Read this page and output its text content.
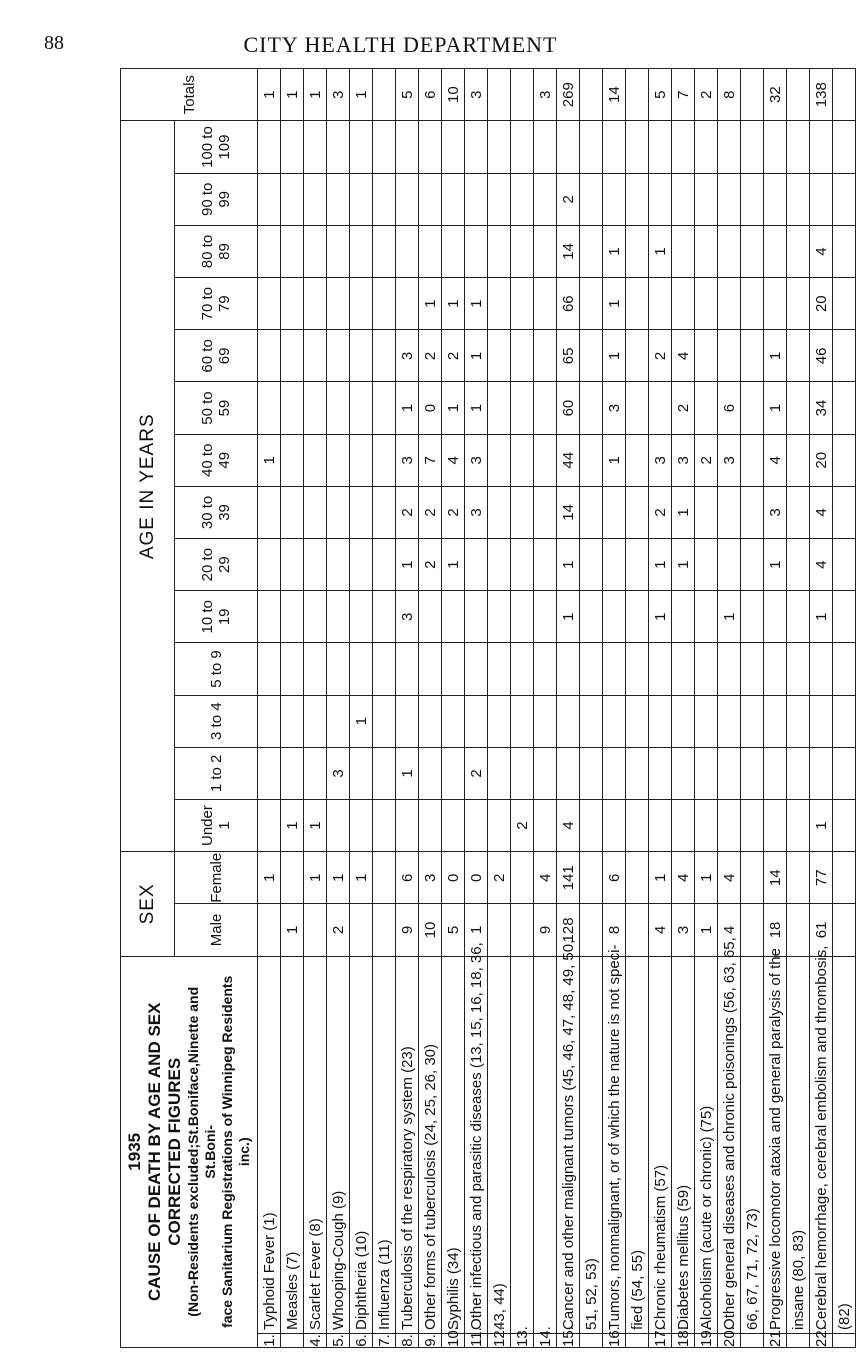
88	CITY HEALTH DEPARTMENT
1935 CAUSE OF DEATH BY AGE AND SEX CORRECTED FIGURES (Non-Residents excluded;St.Boniface,Ninette and St.Boni- face Sanitarium Registrations of Winnipeg Residents inc.)		SEX		AGE IN YEARS														Totals
		Male	Female	Under 1	1 to 2	3 to 4	5 to 9	10 to 19	20 to 29	30 to 39	40 to 49	50 to 59	60 to 69	70 to 79	80 to 89	90 to 99	100 to 109	
1.	Typhoid Fever (1)		1								1							1
	Measles (7)	1		1														1
4.	Scarlet Fever (8)		1	1														1
5.	Whooping-Cough (9)	2	1		3													3
6.	Diphtheria (10)		1			1												1
7.	Influenza (11)																	
8.	Tuberculosis of the respiratory system (23)	9	6		1			3	1	2	3	1	3					5
9.	Other forms of tuberculosis (24, 25, 26, 30)	10	3						2	2	7	0	2	1				6
10.	Syphilis (34)	5	0						1	2	4	1	2	1				10
11.	Other infectious and parasitic diseases (13, 15, 16, 18, 36,	1	0		2					3	3	1	1	1				3
12.	43, 44)		2															
13.				2														
14.		9	4															3
15.	Cancer and other malignant tumors (45, 46, 47, 48, 49, 50,	128	141	4				1	1	14	44	60	65	66	14	2		269
	51, 52, 53)																	
16.	Tumors, nonmalignant, or of which the nature is not speci-	8	6								1	3	1	1	1			14
	fied (54, 55)																	
17.	Chronic rheumatism (57)	4	1					1	1	2	3		2		1			5
18.	Diabetes mellitus (59)	3	4						1	1	3	2	4					7
19.	Alcoholism (acute or chronic) (75)	1	1								2							2
20.	Other general diseases and chronic poisonings (56, 63, 65,	4	4					1			3	6						8
	66, 67, 71, 72, 73)																	
21.	Progressive locomotor ataxia and general paralysis of the	18	14						1	3	4	1	1					32
	insane (80, 83)																	
22.	Cerebral hemorrhage, cerebral embolism and thrombosis,	61	77	1				1	4	4	20	34	46	20	4			138
	(82)																	
